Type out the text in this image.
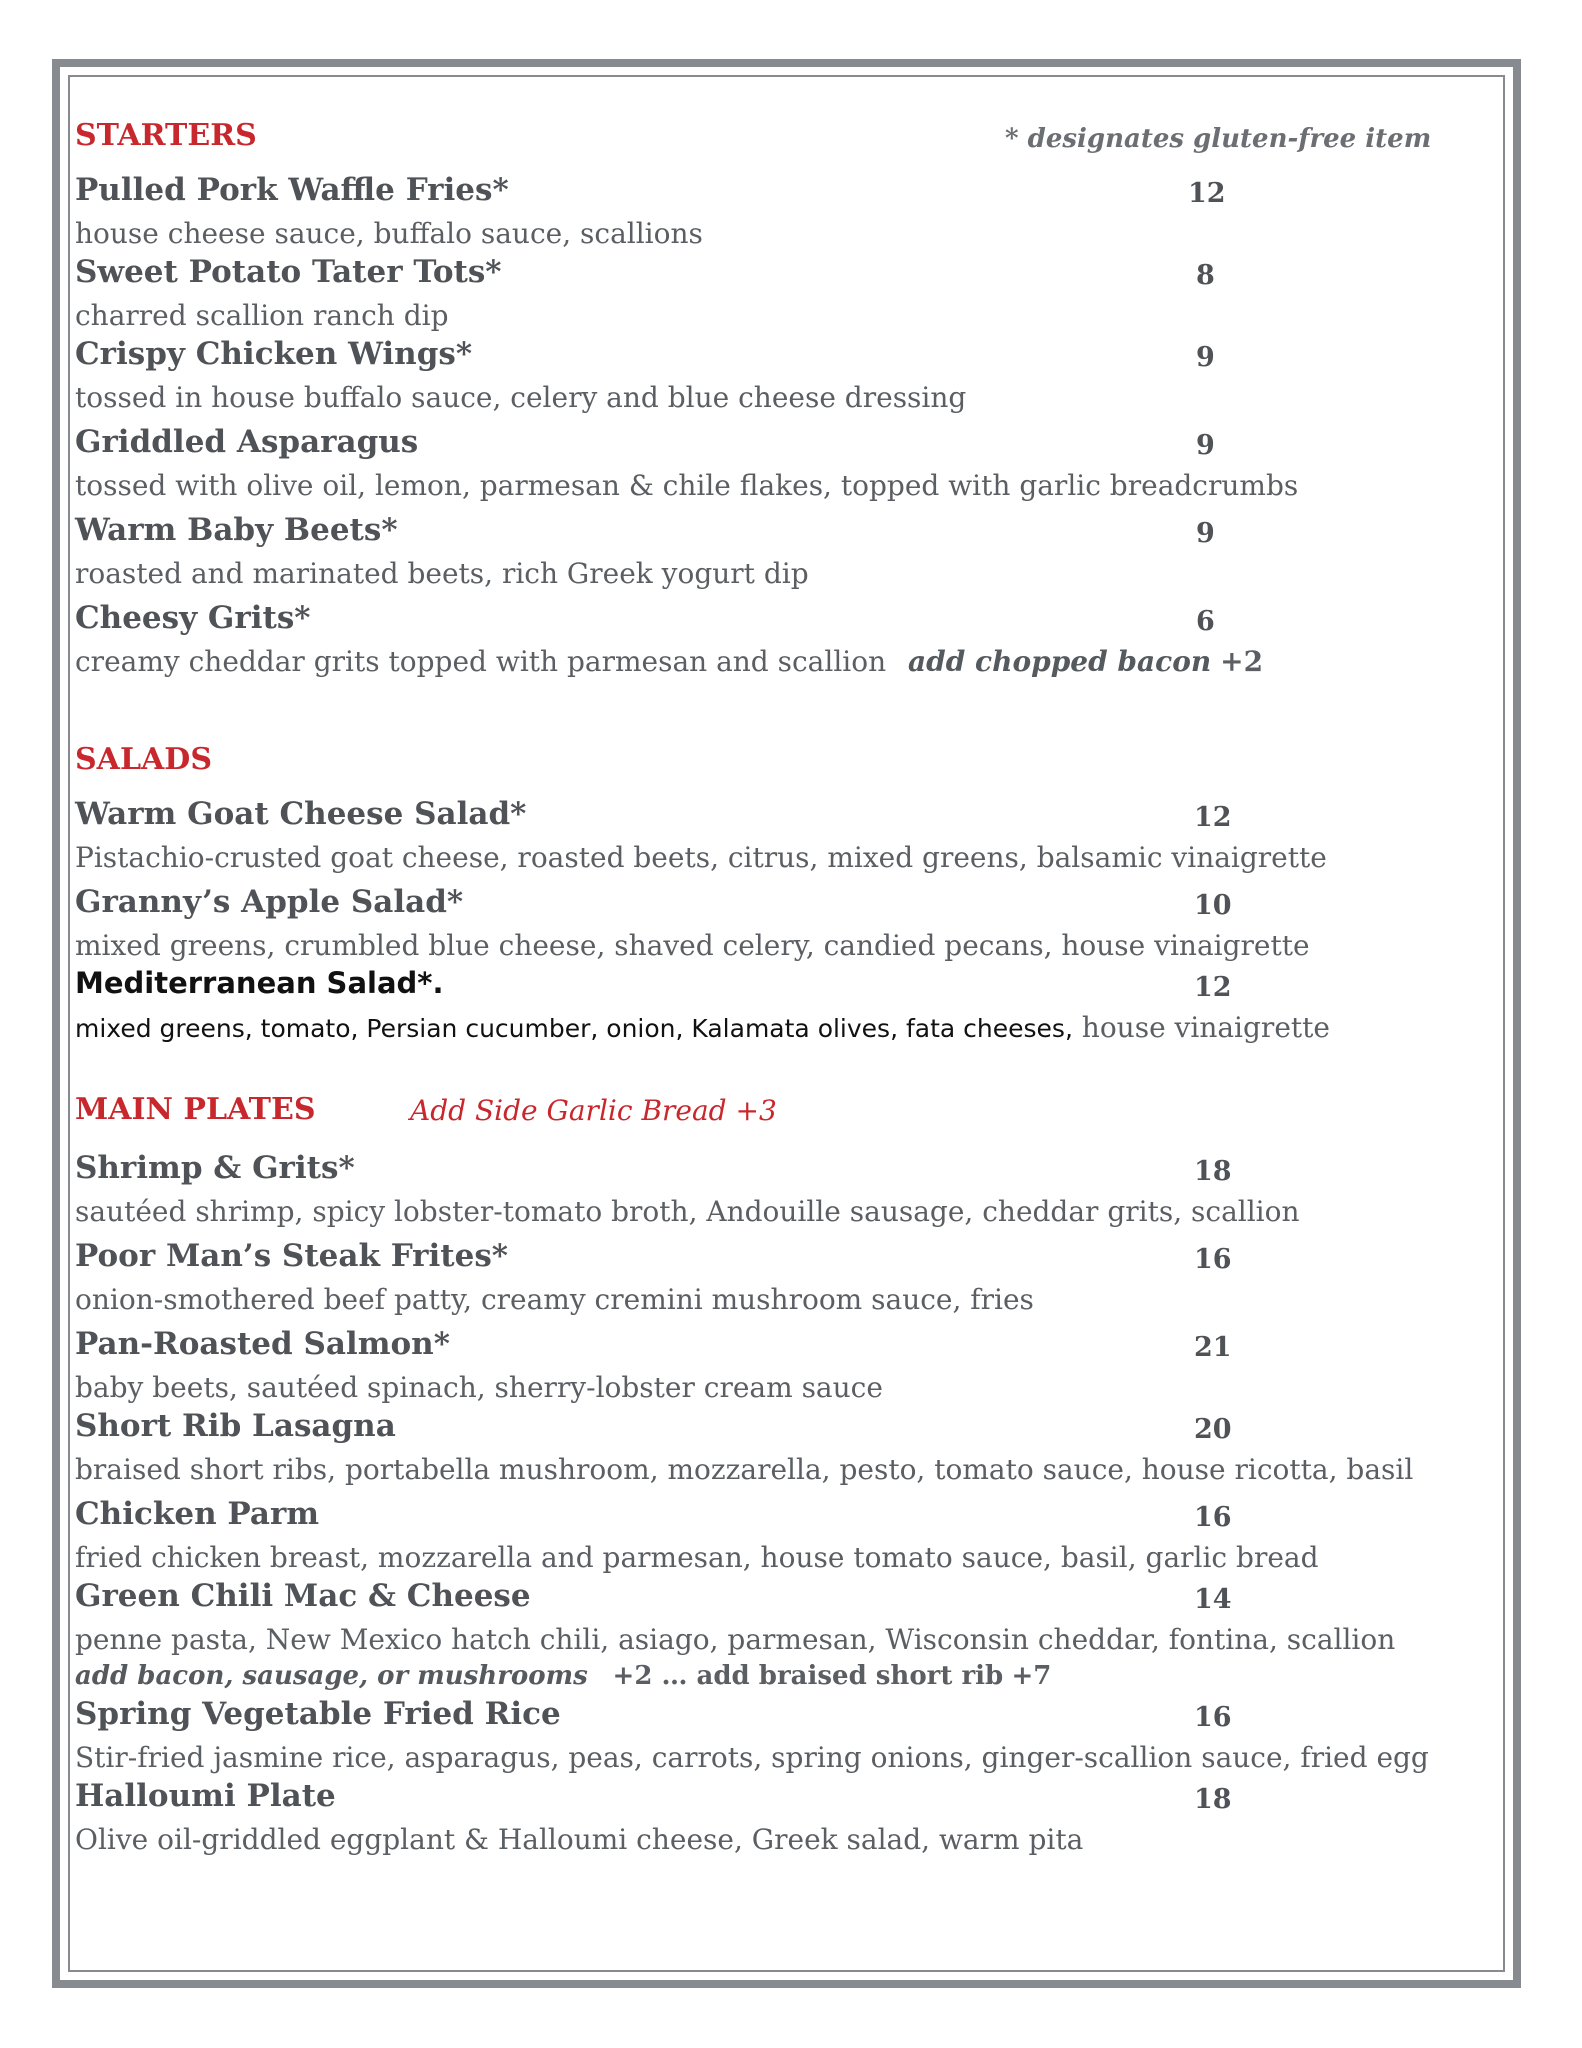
STARTERS	* designates gluten-free item
Pulled Pork Waffle Fries*	12
house cheese sauce, buffalo sauce, scallions
Sweet Potato Tater Tots*	8
charred scallion ranch dip
Crispy Chicken Wings*	9
tossed in house buffalo sauce, celery and blue cheese dressing
Griddled Asparagus	9
tossed with olive oil, lemon, parmesan & chile flakes, topped with garlic breadcrumbs
Warm Baby Beets*	9
roasted and marinated beets, rich Greek yogurt dip
Cheesy Grits*	6
creamy cheddar grits topped with parmesan and scallion add chopped bacon +2
SALADS
Warm Goat Cheese Salad*	12
Pistachio-crusted goat cheese, roasted beets, citrus, mixed greens, balsamic vinaigrette
Granny’s Apple Salad*	10
mixed greens, crumbled blue cheese, shaved celery, candied pecans, house vinaigrette
Mediterranean Salad*.	12
mixed greens, tomato, Persian cucumber, onion, Kalamata olives, fata cheeses, house vinaigrette
MAIN PLATES	Add Side Garlic Bread +3
Shrimp & Grits*	18
sautéed shrimp, spicy lobster-tomato broth, Andouille sausage, cheddar grits, scallion
Poor Man’s Steak Frites*	16
onion-smothered beef patty, creamy cremini mushroom sauce, fries
Pan-Roasted Salmon*	21
baby beets, sautéed spinach, sherry-lobster cream sauce
Short Rib Lasagna	20
braised short ribs, portabella mushroom, mozzarella, pesto, tomato sauce, house ricotta, basil
Chicken Parm	16
fried chicken breast, mozzarella and parmesan, house tomato sauce, basil, garlic bread
Green Chili Mac & Cheese	14
penne pasta, New Mexico hatch chili, asiago, parmesan, Wisconsin cheddar, fontina, scallion
add bacon, sausage, or mushrooms +2 … add braised short rib +7
Spring Vegetable Fried Rice	16
Stir-fried jasmine rice, asparagus, peas, carrots, spring onions, ginger-scallion sauce, fried egg
Halloumi Plate	18
Olive oil-griddled eggplant & Halloumi cheese, Greek salad, warm pita
